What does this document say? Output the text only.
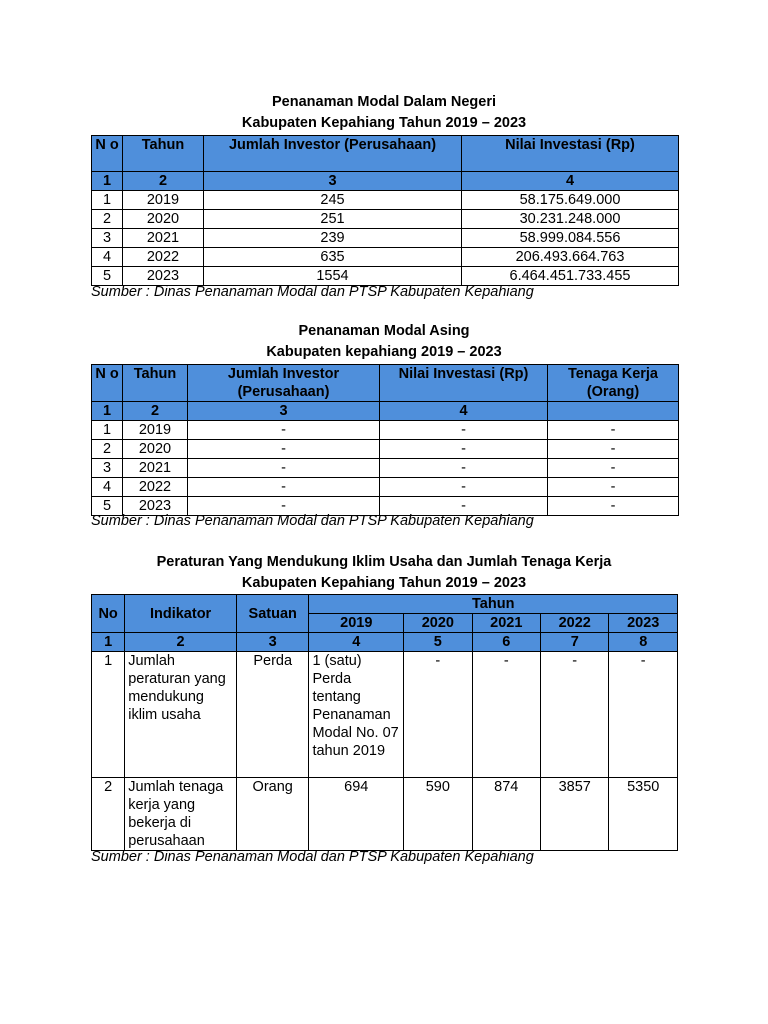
Penanaman Modal Dalam Negeri
Kabupaten Kepahiang Tahun 2019 – 2023
N o	Tahun	Jumlah Investor (Perusahaan)	Nilai Investasi (Rp)
1	2	3	4
1	2019	245	58.175.649.000
2	2020	251	30.231.248.000
3	2021	239	58.999.084.556
4	2022	635	206.493.664.763
5	2023	1554	6.464.451.733.455
Sumber : Dinas Penanaman Modal dan PTSP Kabupaten Kepahiang
Penanaman Modal Asing
Kabupaten kepahiang 2019 – 2023
N o	Tahun	Jumlah Investor (Perusahaan)	Nilai Investasi (Rp)	Tenaga Kerja (Orang)
1	2	3	4	
1	2019	-	-	-
2	2020	-	-	-
3	2021	-	-	-
4	2022	-	-	-
5	2023	-	-	-
Sumber : Dinas Penanaman Modal dan PTSP Kabupaten Kepahiang
Peraturan Yang Mendukung Iklim Usaha dan Jumlah Tenaga Kerja
Kabupaten Kepahiang Tahun 2019 – 2023
No	Indikator	Satuan	Tahun				
			2019	2020	2021	2022	2023
1	2	3	4	5	6	7	8
1	Jumlah peraturan yang mendukung iklim usaha	Perda	1 (satu) Perda tentang Penanaman Modal No. 07 tahun 2019	-	-	-	-
2	Jumlah tenaga kerja yang bekerja di perusahaan	Orang	694	590	874	3857	5350
Sumber : Dinas Penanaman Modal dan PTSP Kabupaten Kepahiang
